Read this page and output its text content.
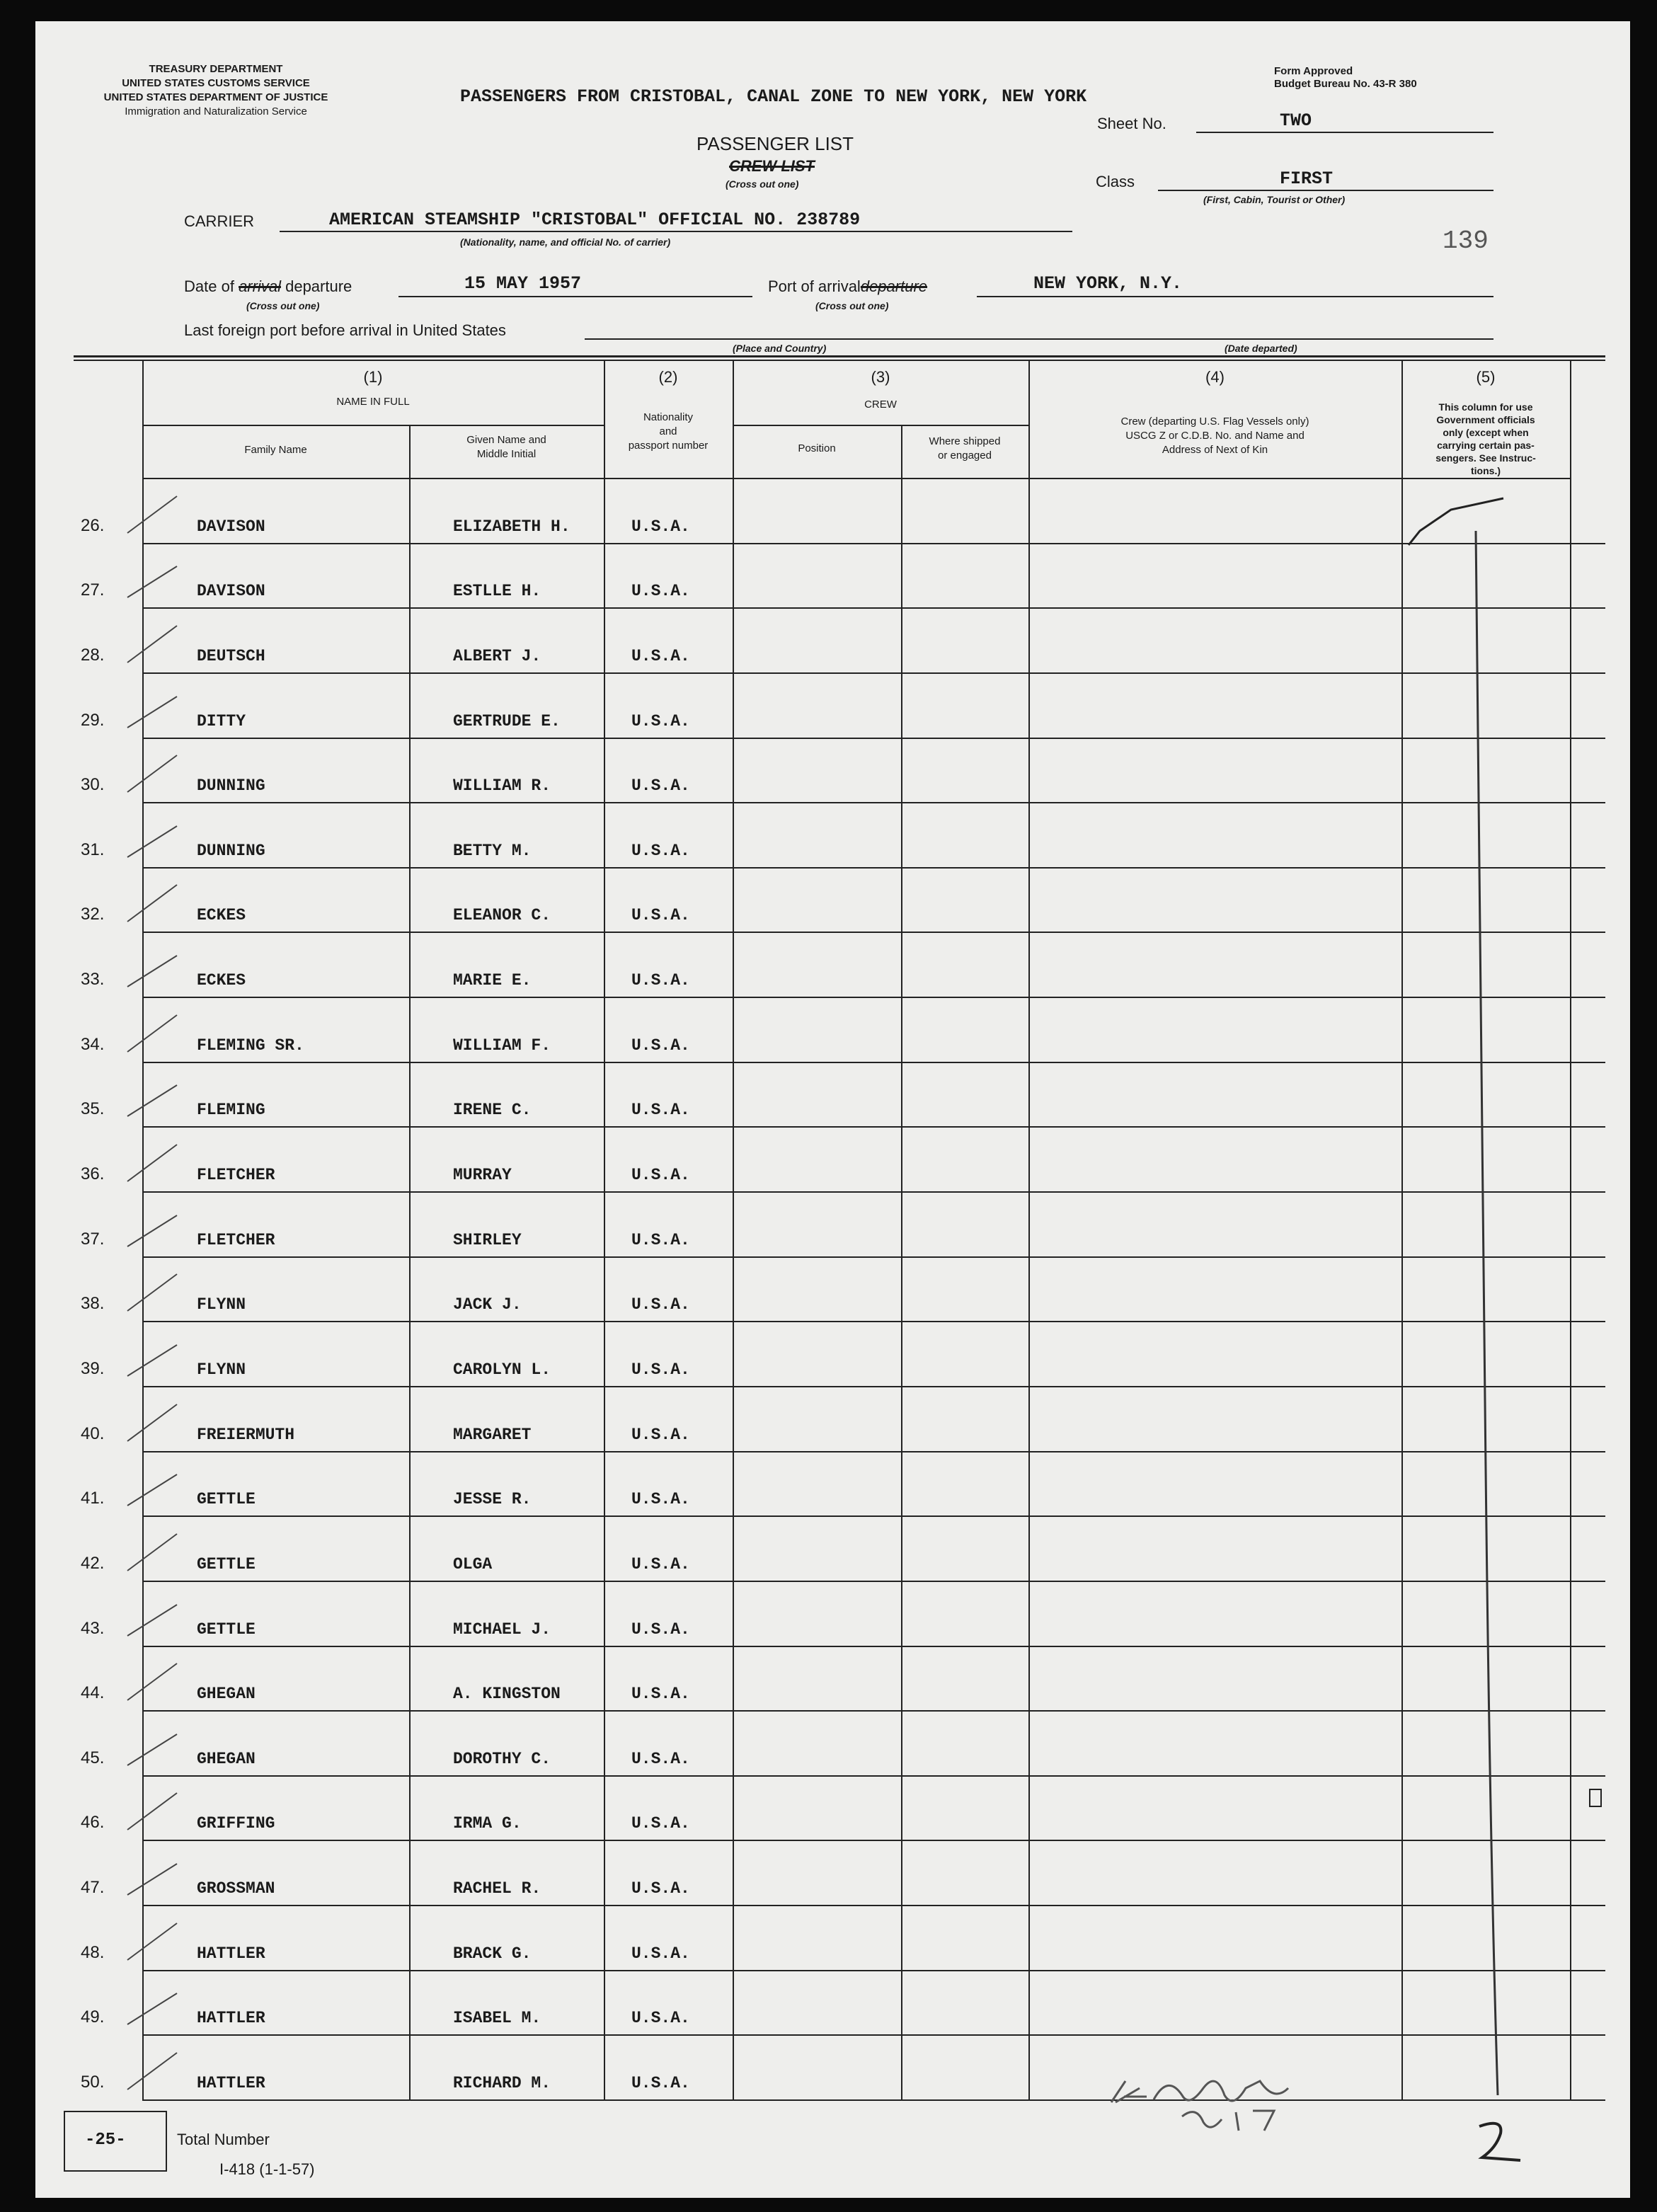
TREASURY DEPARTMENT
UNITED STATES CUSTOMS SERVICE
UNITED STATES DEPARTMENT OF JUSTICE
Immigration and Naturalization Service
Form Approved
Budget Bureau No. 43-R 380
PASSENGERS FROM CRISTOBAL, CANAL ZONE TO NEW YORK, NEW YORK
Sheet No.	TWO
PASSENGER LIST
CREW LIST
(Cross out one)	Class	FIRST
(First, Cabin, Tourist or Other)
139
CARRIER	AMERICAN STEAMSHIP "CRISTOBAL" OFFICIAL NO. 238789
(Nationality, name, and official No. of carrier)
Date of arrival departure	15 MAY 1957
(Cross out one)
Port of arrivaldeparture	NEW YORK, N.Y.
(Cross out one)
Last foreign port before arrival in United States
(Place and Country)	(Date departed)
(1)
NAME IN FULL
Family Name
Given Name and
Middle Initial
(2)
Nationality
and
passport number
(3)
CREW
Position
Where shipped
or engaged
(4)
Crew (departing U.S. Flag Vessels only)
USCG Z or C.D.B. No. and Name and
Address of Next of Kin
(5)
This column for use
Government officials
only (except when
carrying certain pas-
sengers. See Instruc-
tions.)
26.	DAVISON	ELIZABETH H.	U.S.A.
27.	DAVISON	ESTLLE H.	U.S.A.
28.	DEUTSCH	ALBERT J.	U.S.A.
29.	DITTY	GERTRUDE E.	U.S.A.
30.	DUNNING	WILLIAM R.	U.S.A.
31.	DUNNING	BETTY M.	U.S.A.
32.	ECKES	ELEANOR C.	U.S.A.
33.	ECKES	MARIE E.	U.S.A.
34.	FLEMING SR.	WILLIAM F.	U.S.A.
35.	FLEMING	IRENE C.	U.S.A.
36.	FLETCHER	MURRAY	U.S.A.
37.	FLETCHER	SHIRLEY	U.S.A.
38.	FLYNN	JACK J.	U.S.A.
39.	FLYNN	CAROLYN L.	U.S.A.
40.	FREIERMUTH	MARGARET	U.S.A.
41.	GETTLE	JESSE R.	U.S.A.
42.	GETTLE	OLGA	U.S.A.
43.	GETTLE	MICHAEL J.	U.S.A.
44.	GHEGAN	A. KINGSTON	U.S.A.
45.	GHEGAN	DOROTHY C.	U.S.A.
46.	GRIFFING	IRMA G.	U.S.A.
47.	GROSSMAN	RACHEL R.	U.S.A.
48.	HATTLER	BRACK G.	U.S.A.
49.	HATTLER	ISABEL M.	U.S.A.
50.	HATTLER	RICHARD M.	U.S.A.
-25-	Total Number
I-418 (1-1-57)
